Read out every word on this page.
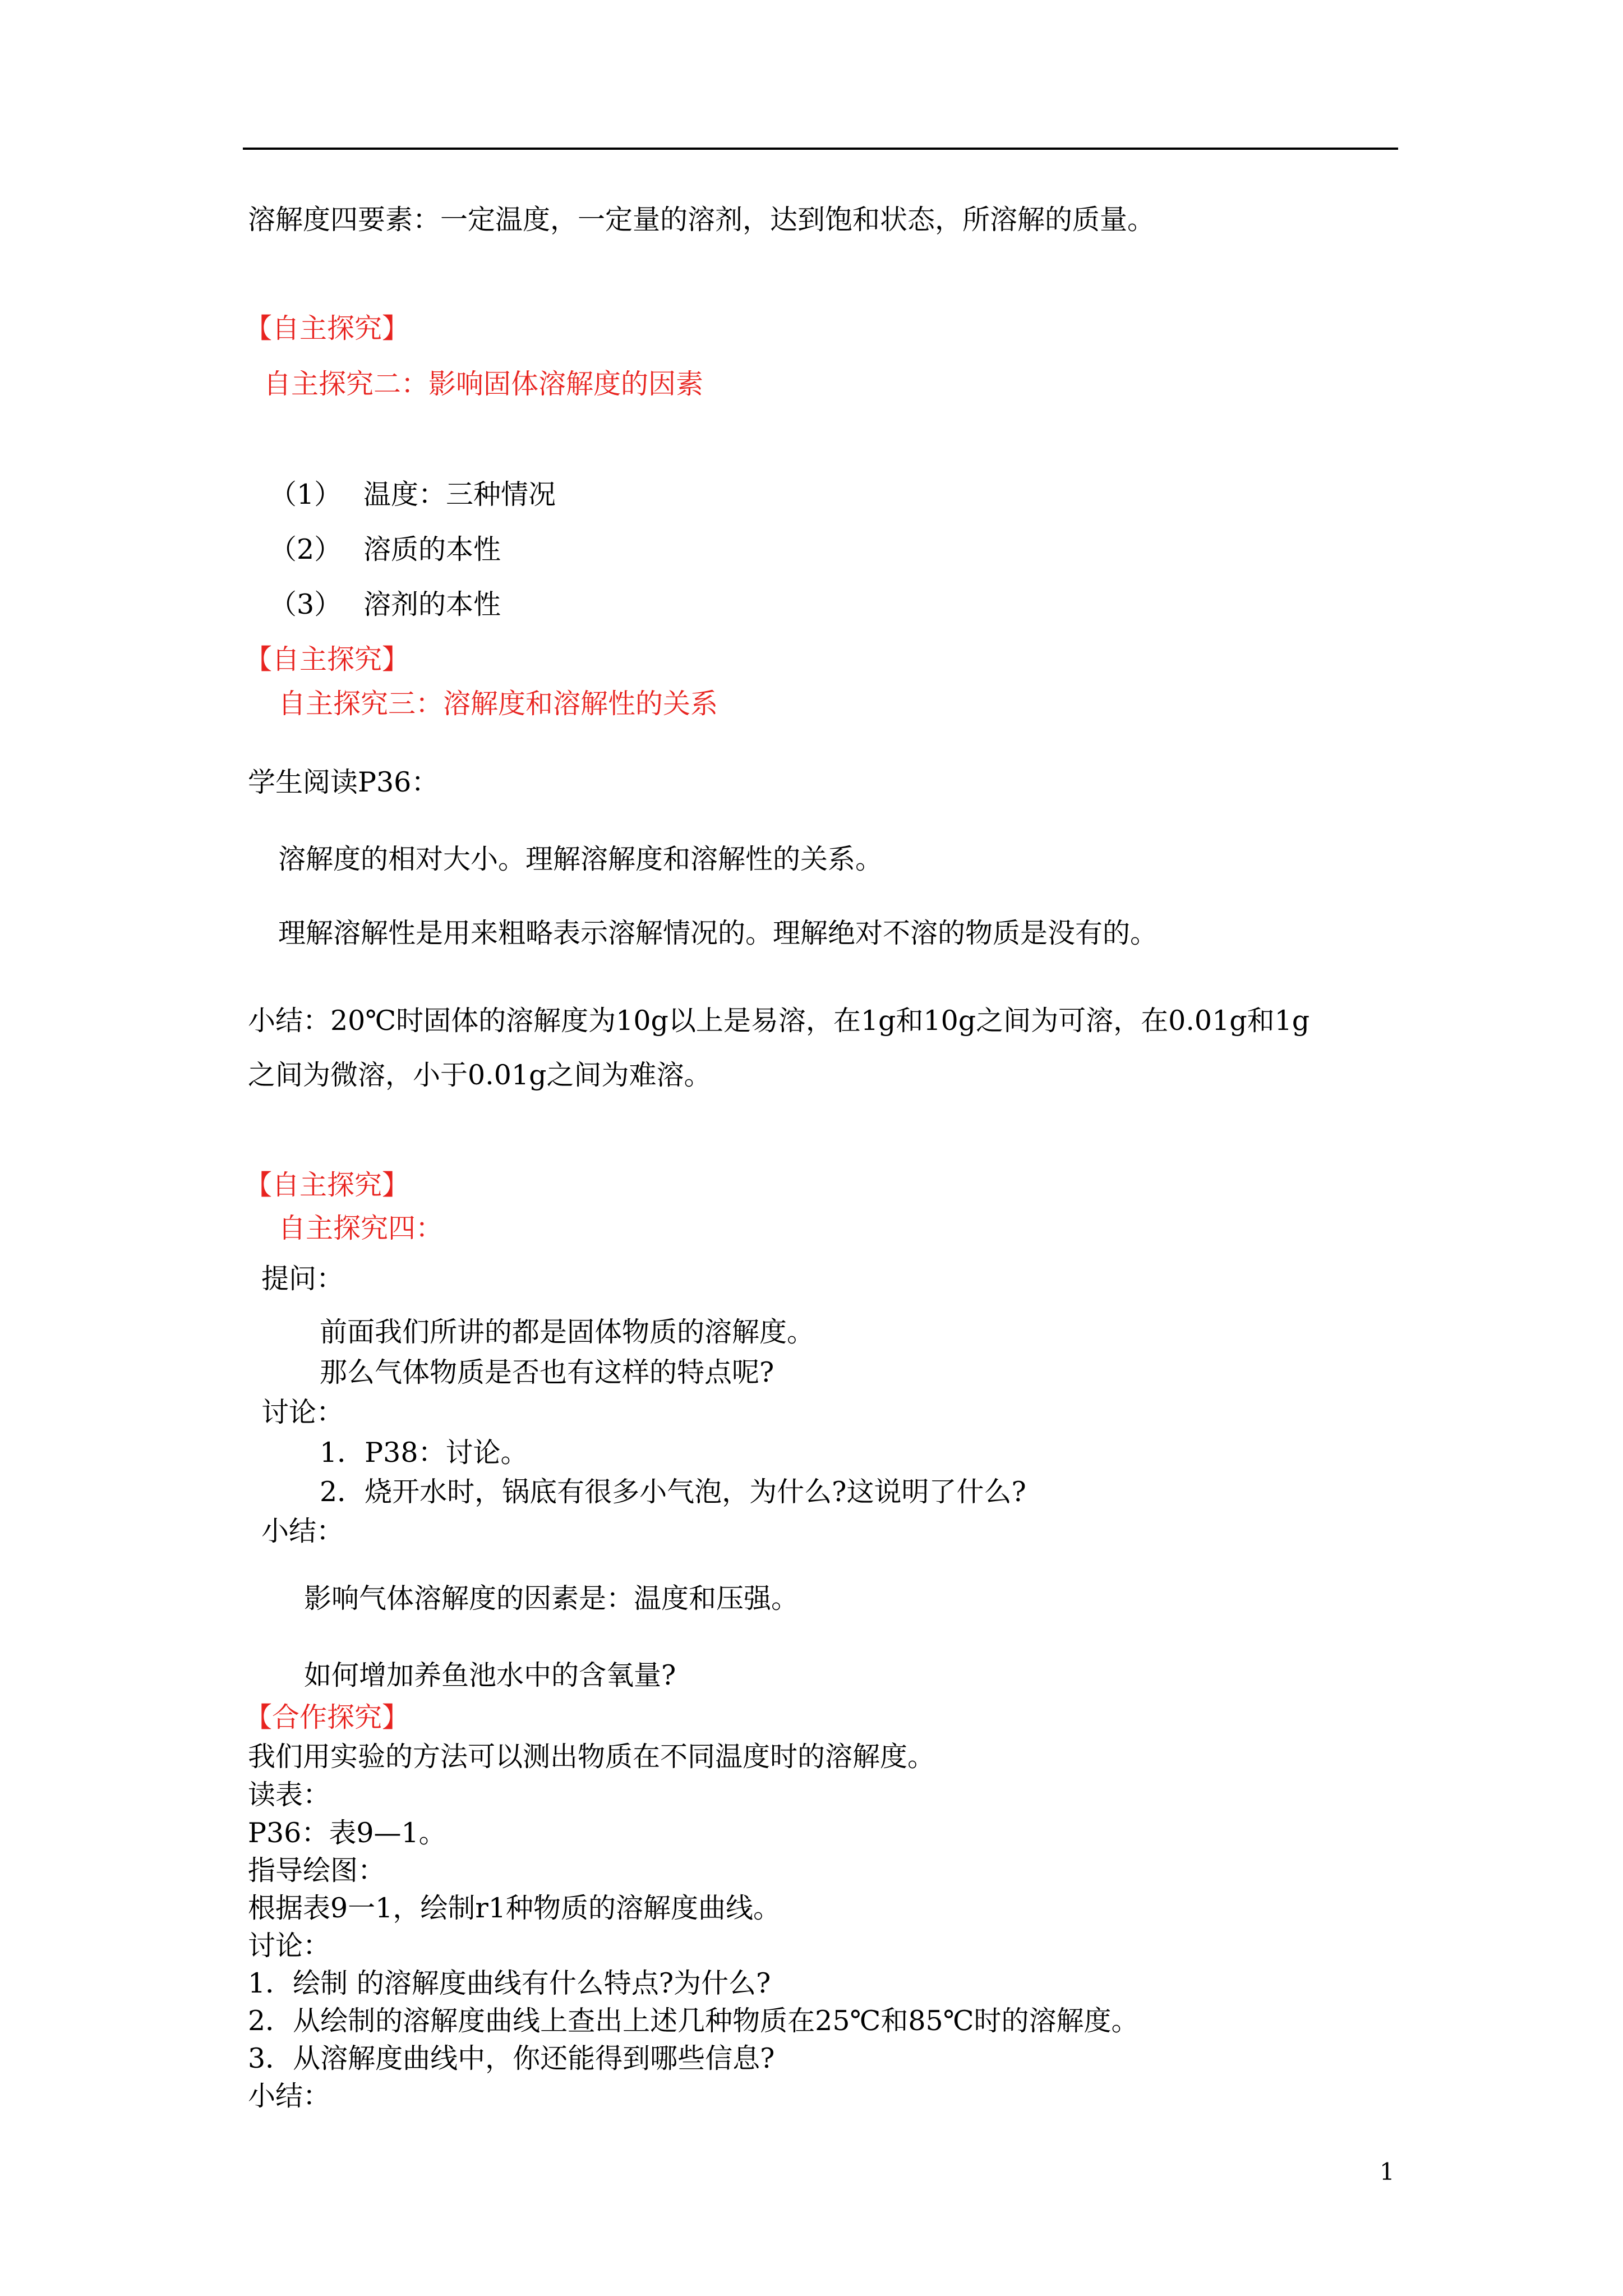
溶解度四要素：一定温度，一定量的溶剂，达到饱和状态，所溶解的质量。
【自主探究】
自主探究二：影响固体溶解度的因素
（1） 温度：三种情况
（2） 溶质的本性
（3） 溶剂的本性
【自主探究】
自主探究三：溶解度和溶解性的关系
学生阅读P36：
溶解度的相对大小。理解溶解度和溶解性的关系。
理解溶解性是用来粗略表示溶解情况的。理解绝对不溶的物质是没有的。
小结：20℃时固体的溶解度为10g以上是易溶，在1g和10g之间为可溶，在0.01g和1g
之间为微溶，小于0.01g之间为难溶。
【自主探究】
自主探究四：
提问：
前面我们所讲的都是固体物质的溶解度。
那么气体物质是否也有这样的特点呢?
讨论：
1．P38：讨论。
2．烧开水时，锅底有很多小气泡，为什么?这说明了什么?
小结：
影响气体溶解度的因素是：温度和压强。
如何增加养鱼池水中的含氧量?
【合作探究】
我们用实验的方法可以测出物质在不同温度时的溶解度。
读表：
P36：表9—1。
指导绘图：
根据表9一1，绘制r1种物质的溶解度曲线。
讨论：
1．绘制 的溶解度曲线有什么特点?为什么?
2．从绘制的溶解度曲线上查出上述几种物质在25℃和85℃时的溶解度。
3．从溶解度曲线中，你还能得到哪些信息?
小结：
1
